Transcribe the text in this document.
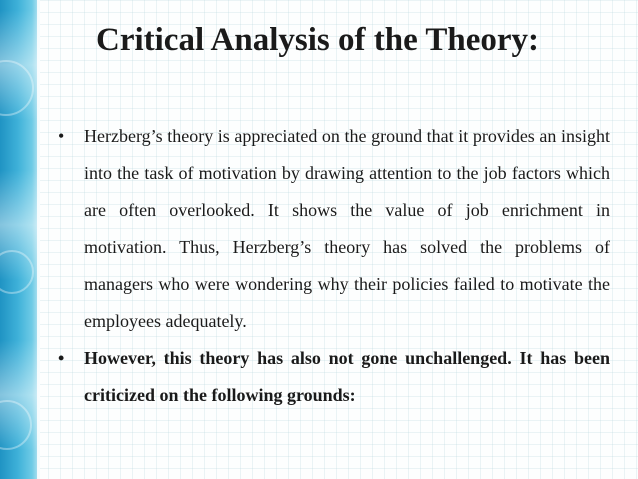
Critical Analysis of the Theory:
• Herzberg’s theory is appreciated on the ground that it provides an insight into the task of motivation by drawing attention to the job factors which are often overlooked. It shows the value of job enrichment in motivation. Thus, Herzberg’s theory has solved the problems of managers who were wondering why their policies failed to motivate the employees adequately.
• However, this theory has also not gone unchallenged. It has been criticized on the following grounds:
